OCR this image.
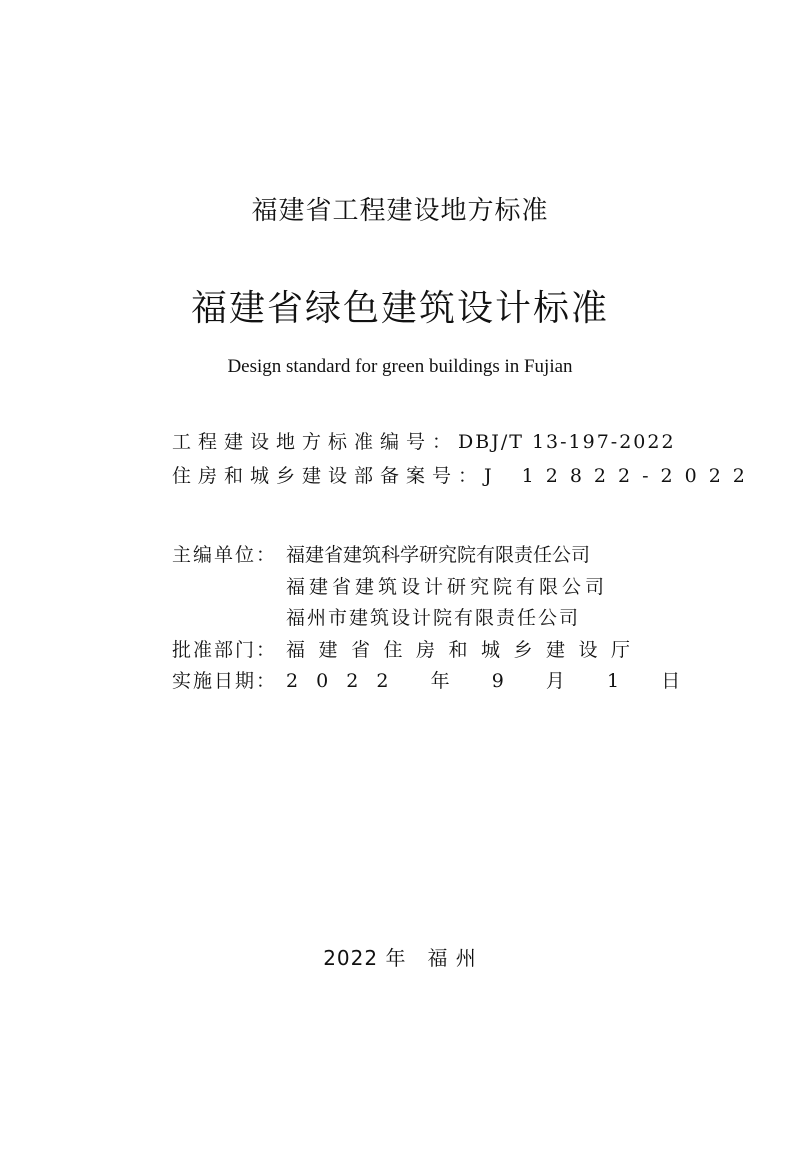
福建省工程建设地方标准
福建省绿色建筑设计标准
Design standard for green buildings in Fujian
工程建设地方标准编号： DBJ/T 13-197-2022
住房和城乡建设部备案号： J 12822-2022
主编单位： 福建省建筑科学研究院有限责任公司
福建省建筑设计研究院有限公司
福州市建筑设计院有限责任公司
批准部门： 福建省住房和城乡建设厅
实施日期： 2 0 2 2   年   9   月   1   日
2022 年　福 州
